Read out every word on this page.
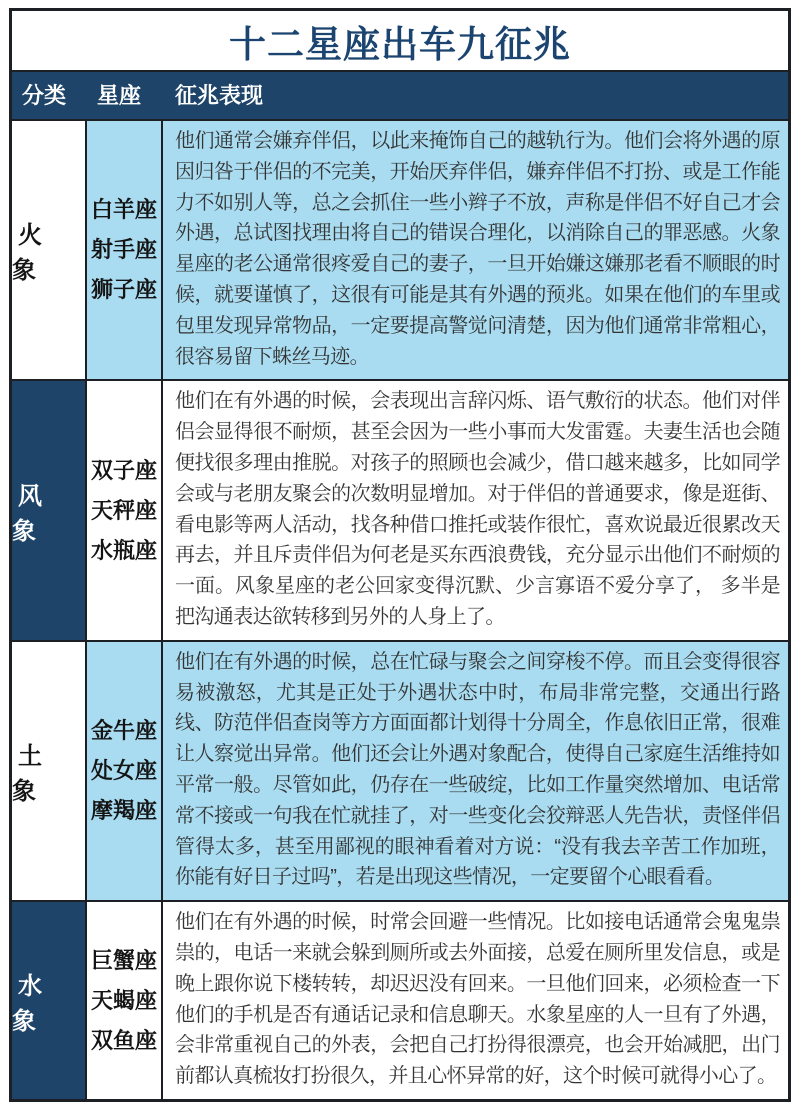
十二星座出车九征兆
分类	星座	征兆表现
火 象
白羊座
射手座
狮子座
他们通常会嫌弃伴侣，以此来掩饰自己的越轨行为。他们会将外遇的原因归咎于伴侣的不完美，开始厌弃伴侣，嫌弃伴侣不打扮、或是工作能力不如别人等，总之会抓住一些小辫子不放，声称是伴侣不好自己才会外遇，总试图找理由将自己的错误合理化，以消除自己的罪恶感。火象星座的老公通常很疼爱自己的妻子，一旦开始嫌这嫌那老看不顺眼的时候，就要谨慎了，这很有可能是其有外遇的预兆。如果在他们的车里或包里发现异常物品，一定要提高警觉问清楚，因为他们通常非常粗心，很容易留下蛛丝马迹。
风 象
双子座
天秤座
水瓶座
他们在有外遇的时候，会表现出言辞闪烁、语气敷衍的状态。他们对伴侣会显得很不耐烦，甚至会因为一些小事而大发雷霆。夫妻生活也会随便找很多理由推脱。对孩子的照顾也会减少，借口越来越多，比如同学会或与老朋友聚会的次数明显增加。对于伴侣的普通要求，像是逛街、看电影等两人活动，找各种借口推托或装作很忙，喜欢说最近很累改天再去，并且斥责伴侣为何老是买东西浪费钱，充分显示出他们不耐烦的一面。风象星座的老公回家变得沉默、少言寡语不爱分享了， 多半是把沟通表达欲转移到另外的人身上了。
土 象
金牛座
处女座
摩羯座
他们在有外遇的时候，总在忙碌与聚会之间穿梭不停。而且会变得很容易被激怒，尤其是正处于外遇状态中时，布局非常完整，交通出行路线、防范伴侣查岗等方方面面都计划得十分周全，作息依旧正常，很难让人察觉出异常。他们还会让外遇对象配合，使得自己家庭生活维持如平常一般。尽管如此，仍存在一些破绽，比如工作量突然增加、电话常常不接或一句我在忙就挂了，对一些变化会狡辩恶人先告状，责怪伴侣管得太多，甚至用鄙视的眼神看着对方说：“没有我去辛苦工作加班，你能有好日子过吗”，若是出现这些情况，一定要留个心眼看看。
水 象
巨蟹座
天蝎座
双鱼座
他们在有外遇的时候，时常会回避一些情况。比如接电话通常会鬼鬼祟祟的，电话一来就会躲到厕所或去外面接，总爱在厕所里发信息，或是晚上跟你说下楼转转，却迟迟没有回来。一旦他们回来，必须检查一下他们的手机是否有通话记录和信息聊天。水象星座的人一旦有了外遇，会非常重视自己的外表，会把自己打扮得很漂亮，也会开始减肥，出门前都认真梳妆打扮很久，并且心怀异常的好，这个时候可就得小心了。
